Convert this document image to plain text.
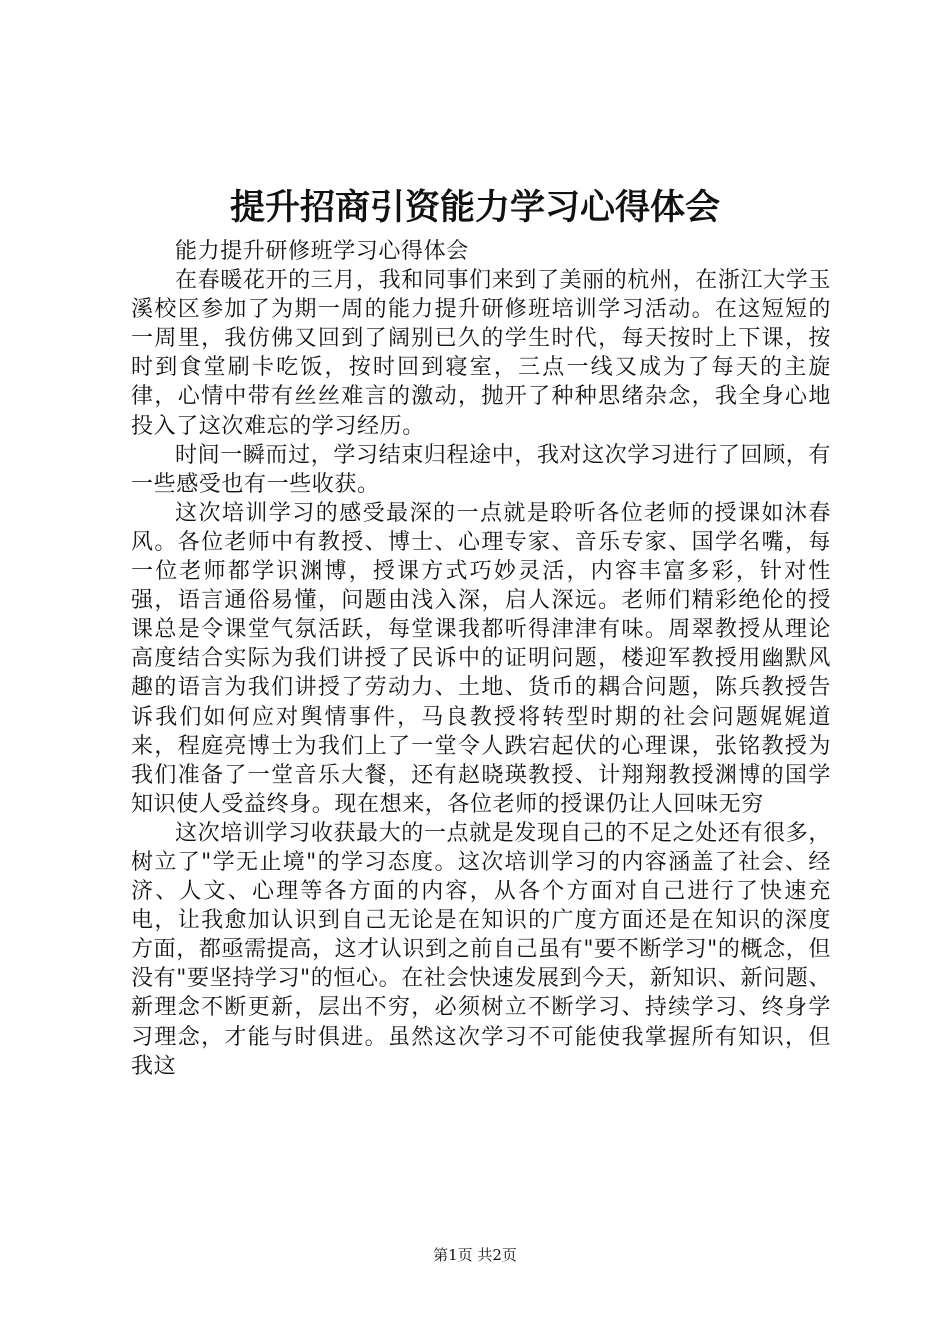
提升招商引资能力学习心得体会

能力提升研修班学习心得体会

在春暖花开的三月，我和同事们来到了美丽的杭州，在浙江大学玉溪校区参加了为期一周的能力提升研修班培训学习活动。在这短短的一周里，我仿佛又回到了阔别已久的学生时代，每天按时上下课，按时到食堂刷卡吃饭，按时回到寝室，三点一线又成为了每天的主旋律，心情中带有丝丝难言的激动，抛开了种种思绪杂念，我全身心地投入了这次难忘的学习经历。

时间一瞬而过，学习结束归程途中，我对这次学习进行了回顾，有一些感受也有一些收获。

这次培训学习的感受最深的一点就是聆听各位老师的授课如沐春风。各位老师中有教授、博士、心理专家、音乐专家、国学名嘴，每一位老师都学识渊博，授课方式巧妙灵活，内容丰富多彩，针对性强，语言通俗易懂，问题由浅入深，启人深远。老师们精彩绝伦的授课总是令课堂气氛活跃，每堂课我都听得津津有味。周翠教授从理论高度结合实际为我们讲授了民诉中的证明问题，楼迎军教授用幽默风趣的语言为我们讲授了劳动力、土地、货币的耦合问题，陈兵教授告诉我们如何应对舆情事件，马良教授将转型时期的社会问题娓娓道来，程庭亮博士为我们上了一堂令人跌宕起伏的心理课，张铭教授为我们准备了一堂音乐大餐，还有赵晓瑛教授、计翔翔教授渊博的国学知识使人受益终身。现在想来，各位老师的授课仍让人回味无穷

这次培训学习收获最大的一点就是发现自己的不足之处还有很多，树立了"学无止境"的学习态度。这次培训学习的内容涵盖了社会、经济、人文、心理等各方面的内容，从各个方面对自己进行了快速充电，让我愈加认识到自己无论是在知识的广度方面还是在知识的深度方面，都亟需提高，这才认识到之前自己虽有"要不断学习"的概念，但没有"要坚持学习"的恒心。在社会快速发展到今天，新知识、新问题、新理念不断更新，层出不穷，必须树立不断学习、持续学习、终身学习理念，才能与时俱进。虽然这次学习不可能使我掌握所有知识，但我这

第1页 共2页
